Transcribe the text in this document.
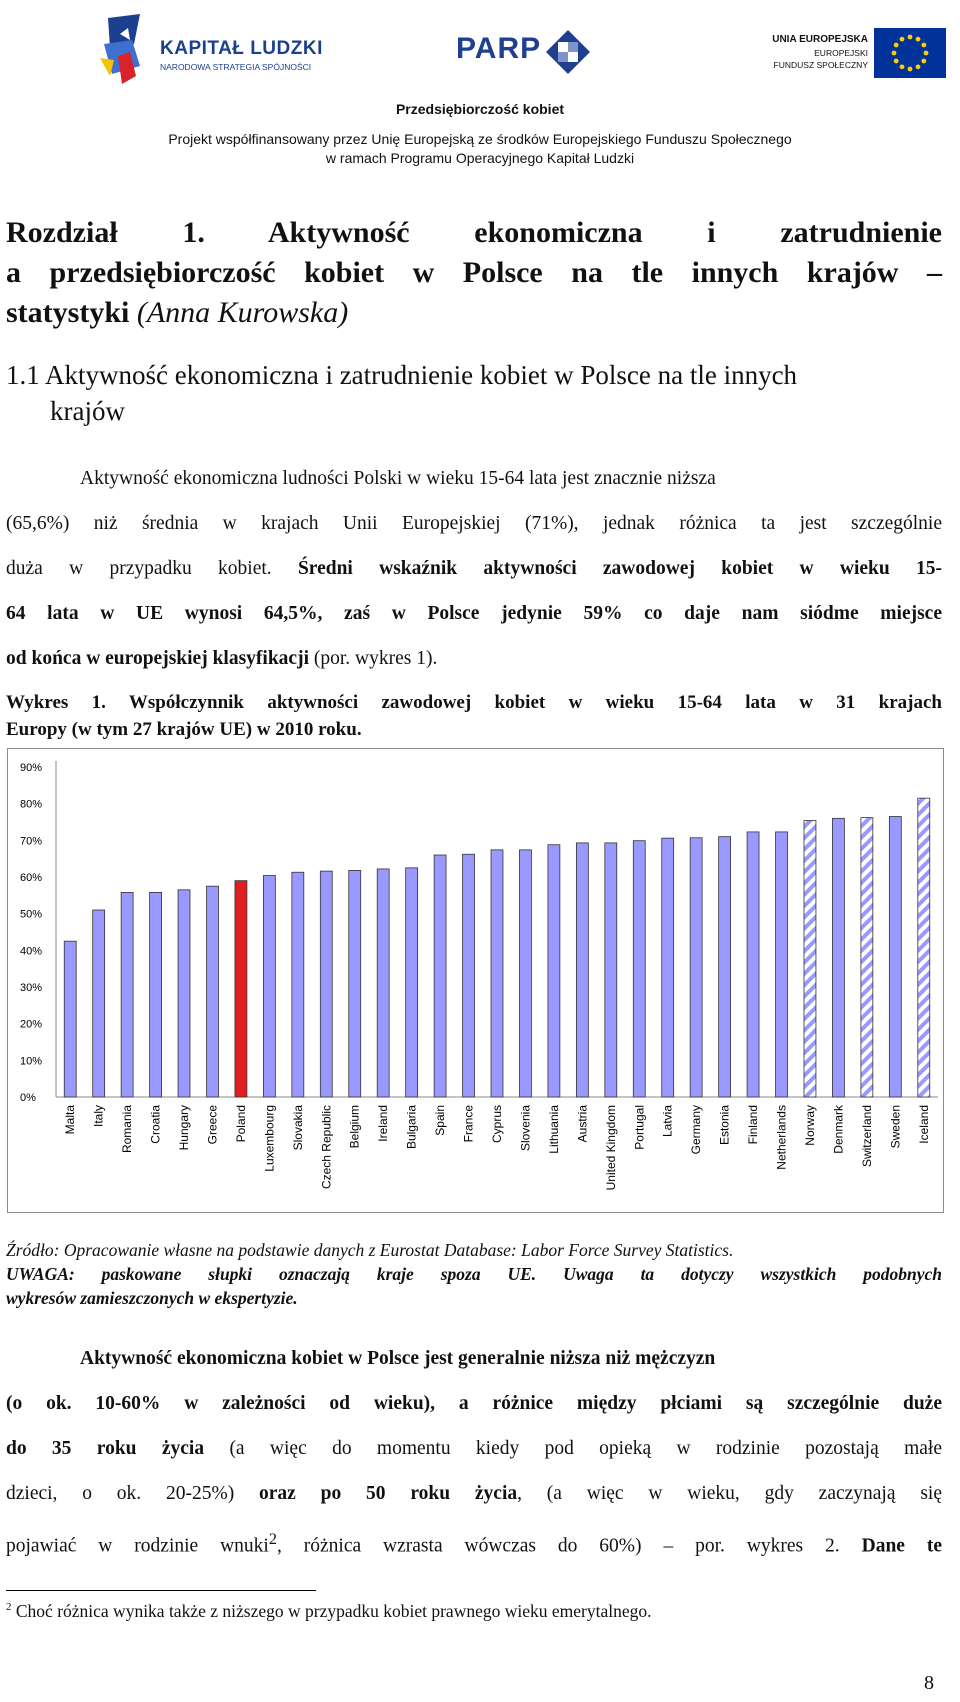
KAPITAŁ LUDZKI
NARODOWA STRATEGIA SPÓJNOŚCI
PARP	UNIA EUROPEJSKA
EUROPEJSKI
FUNDUSZ SPOŁECZNY
Przedsiębiorczość kobiet
Projekt współfinansowany przez Unię Europejską ze środków Europejskiego Funduszu Społecznego
w ramach Programu Operacyjnego Kapitał Ludzki
Rozdział 1. Aktywność ekonomiczna i zatrudnienie
a przedsiębiorczość kobiet w Polsce na tle innych krajów –
statystyki (Anna Kurowska)
1.1 Aktywność ekonomiczna i zatrudnienie kobiet w Polsce na tle innych
krajów
Aktywność ekonomiczna ludności Polski w wieku 15-64 lata jest znacznie niższa
(65,6%) niż średnia w krajach Unii Europejskiej (71%), jednak różnica ta jest szczególnie
duża w przypadku kobiet. Średni wskaźnik aktywności zawodowej kobiet w wieku 15-
64 lata w UE wynosi 64,5%, zaś w Polsce jedynie 59% co daje nam siódme miejsce
od końca w europejskiej klasyfikacji (por. wykres 1).
Wykres 1. Współczynnik aktywności zawodowej kobiet w wieku 15-64 lata w 31 krajach
Europy (w tym 27 krajów UE) w 2010 roku.
0%
10%
20%
30%
40%
50%
60%
70%
80%
90%
Malta Italy Romania Croatia Hungary Greece Poland Luxembourg Slovakia Czech Republic Belgium Ireland Bulgaria Spain France Cyprus Slovenia Lithuania Austria United Kingdom Portugal Latvia Germany Estonia Finland Netherlands Norway Denmark Switzerland Sweden Iceland
Źródło: Opracowanie własne na podstawie danych z Eurostat Database: Labor Force Survey Statistics.
UWAGA: paskowane słupki oznaczają kraje spoza UE. Uwaga ta dotyczy wszystkich podobnych
wykresów zamieszczonych w ekspertyzie.
Aktywność ekonomiczna kobiet w Polsce jest generalnie niższa niż mężczyzn
(o ok. 10-60% w zależności od wieku), a różnice między płciami są szczególnie duże
do 35 roku życia (a więc do momentu kiedy pod opieką w rodzinie pozostają małe
dzieci, o ok. 20-25%) oraz po 50 roku życia, (a więc w wieku, gdy zaczynają się
pojawiać w rodzinie wnuki$^2$, różnica wzrasta wówczas do 60%) – por. wykres 2. Dane te
$^2$ Choć różnica wynika także z niższego w przypadku kobiet prawnego wieku emerytalnego.
8
